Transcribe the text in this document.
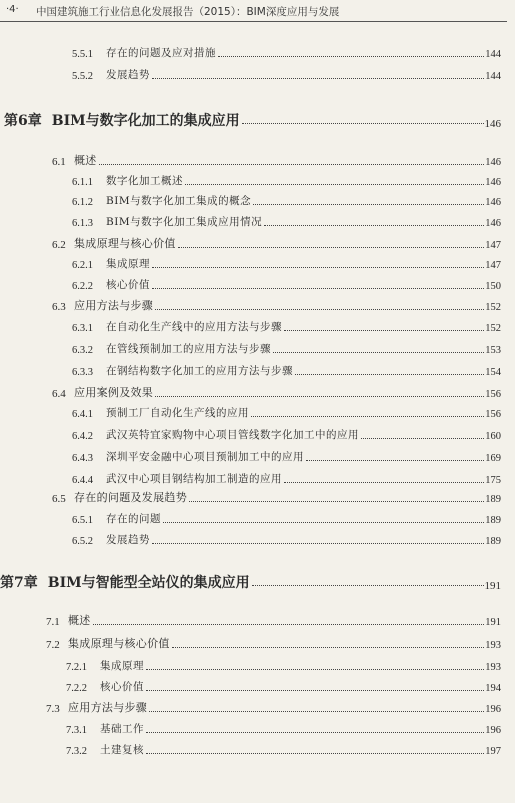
·4· 中国建筑施工行业信息化发展报告（2015）：BIM深度应用与发展
5.5.1	存在的问题及应对措施	144
5.5.2	发展趋势	144
第6章 BIM与数字化加工的集成应用	146
6.1 概述	146
6.1.1	数字化加工概述	146
6.1.2	BIM与数字化加工集成的概念	146
6.1.3	BIM与数字化加工集成应用情况	146
6.2 集成原理与核心价值	147
6.2.1	集成原理	147
6.2.2	核心价值	150
6.3 应用方法与步骤	152
6.3.1	在自动化生产线中的应用方法与步骤	152
6.3.2	在管线预制加工的应用方法与步骤	153
6.3.3	在钢结构数字化加工的应用方法与步骤	154
6.4 应用案例及效果	156
6.4.1	预制工厂自动化生产线的应用	156
6.4.2	武汉英特宜家购物中心项目管线数字化加工中的应用	160
6.4.3	深圳平安金融中心项目预制加工中的应用	169
6.4.4	武汉中心项目钢结构加工制造的应用	175
6.5 存在的问题及发展趋势	189
6.5.1	存在的问题	189
6.5.2	发展趋势	189
第7章 BIM与智能型全站仪的集成应用	191
7.1 概述	191
7.2 集成原理与核心价值	193
7.2.1	集成原理	193
7.2.2	核心价值	194
7.3 应用方法与步骤	196
7.3.1	基础工作	196
7.3.2	土建复核	197
